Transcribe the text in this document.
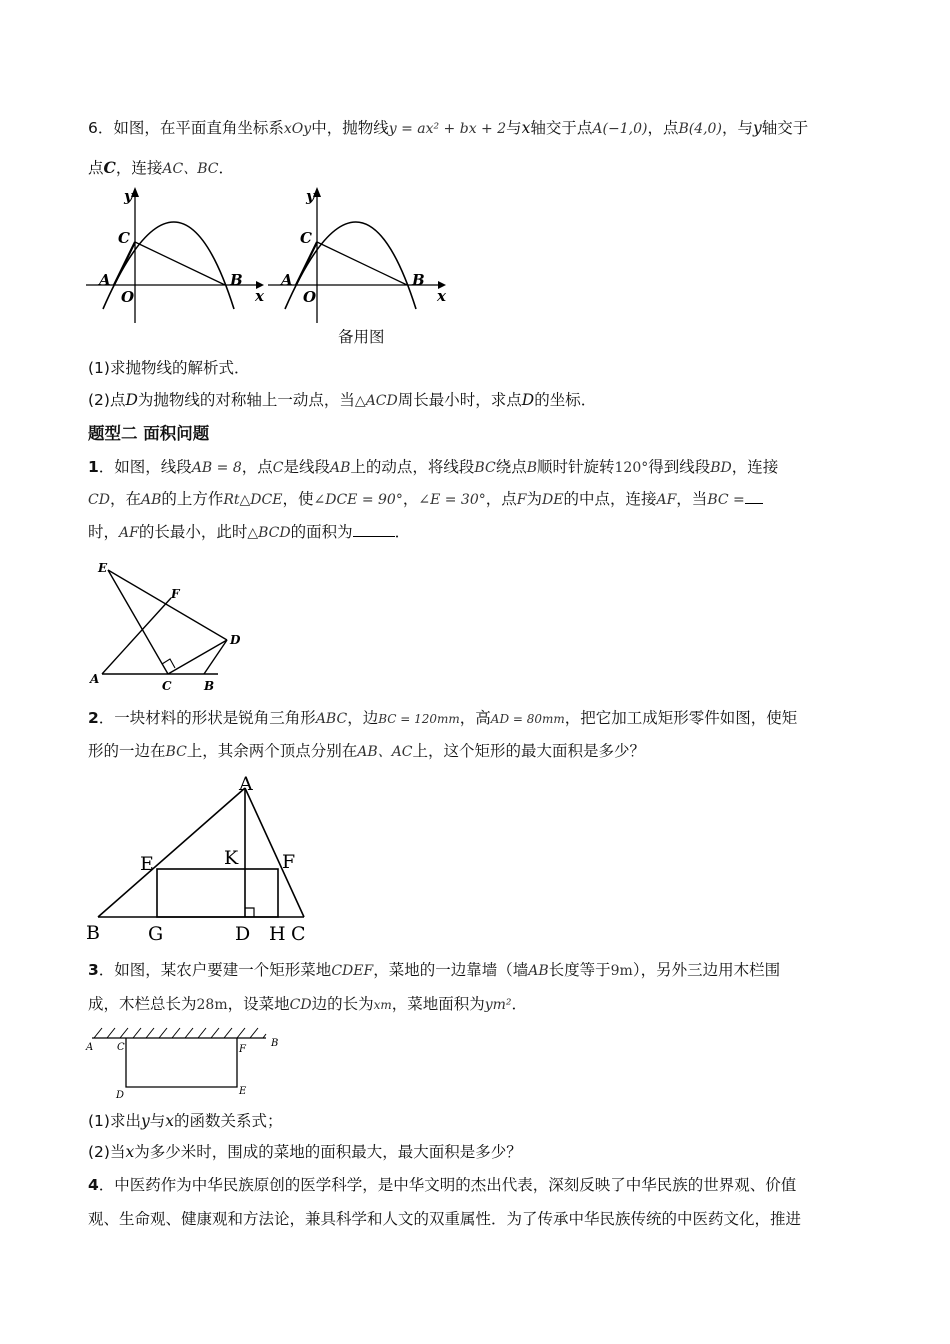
6．如图，在平面直角坐标系xOy中，抛物线y = ax² + bx + 2与x轴交于点A(−1,0)，点B(4,0)，与y轴交于
点C，连接AC、BC．
y
C
A
O
B
x
y
C
A
O
B
x
备用图
(1)求抛物线的解析式．
(2)点D为抛物线的对称轴上一动点，当△ACD周长最小时，求点D的坐标．
题型二 面积问题
1．如图，线段AB = 8，点C是线段AB上的动点，将线段BC绕点B顺时针旋转120°得到线段BD，连接
CD，在AB的上方作Rt△DCE，使∠DCE = 90°，∠E = 30°，点F为DE的中点，连接AF，当BC =
时，AF的长最小，此时△BCD的面积为	．
E
F
D
A	C	B
2．一块材料的形状是锐角三角形ABC，边BC = 120mm，高AD = 80mm，把它加工成矩形零件如图，使矩
形的一边在BC上，其余两个顶点分别在AB、AC上，这个矩形的最大面积是多少？
A
E	K F
B	G	D H C
3．如图，某农户要建一个矩形菜地CDEF，菜地的一边靠墙（墙AB长度等于9m），另外三边用木栏围
成，木栏总长为28m，设菜地CD边的长为xm，菜地面积为ym²．
A C	F
B
D	E
(1)求出y与x的函数关系式；
(2)当x为多少米时，围成的菜地的面积最大，最大面积是多少？
4．中医药作为中华民族原创的医学科学，是中华文明的杰出代表，深刻反映了中华民族的世界观、价值
观、生命观、健康观和方法论，兼具科学和人文的双重属性．为了传承中华民族传统的中医药文化，推进
